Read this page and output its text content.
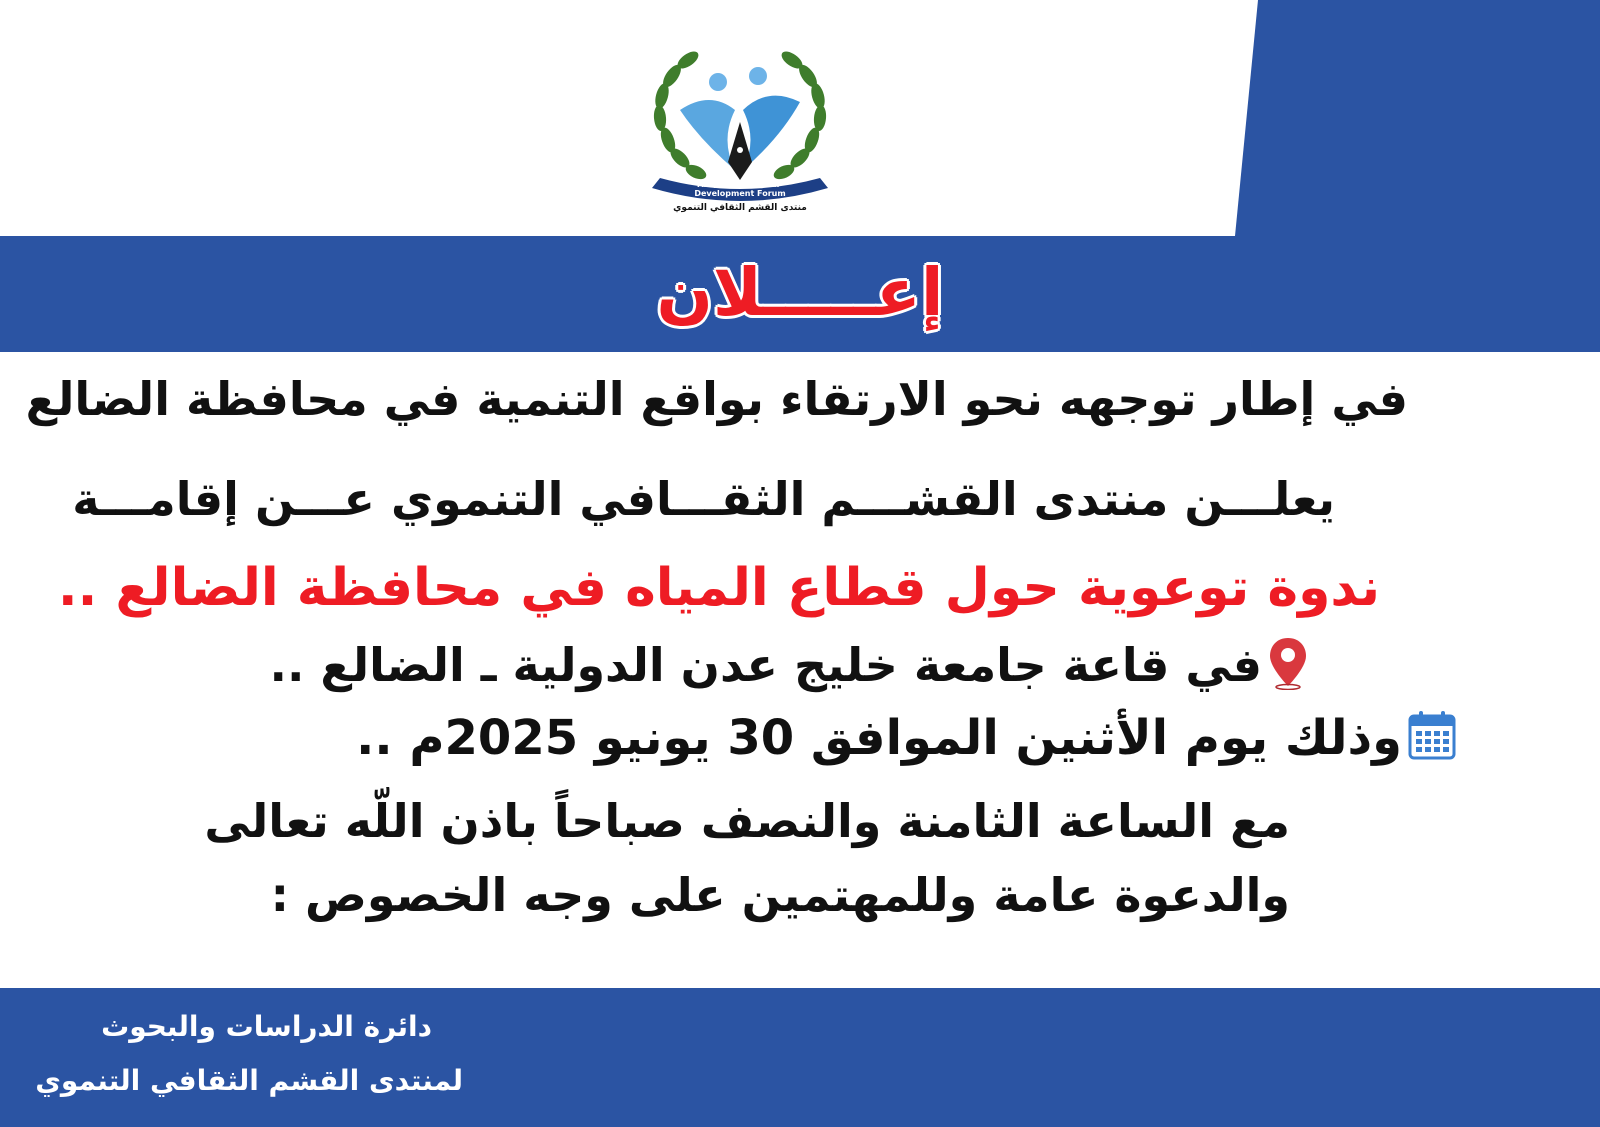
Al-Qashm Cultural-
Development Forum
منتدى القشم الثقافي التنموي
إعـــــلان
في إطار توجهه نحو الارتقاء بواقع التنمية في محافظة الضالع
يعلـــن منتدى القشـــم الثقـــافي التنموي عـــن إقامـــة
ندوة توعوية حول قطاع المياه في محافظة الضالع ..
في قاعة جامعة خليج عدن الدولية ـ الضالع ..
وذلك يوم الأثنين الموافق 30 يونيو 2025م ..
مع الساعة الثامنة والنصف صباحاً باذن اللّه تعالى
والدعوة عامة وللمهتمين على وجه الخصوص :
دائرة الدراسات والبحوث
لمنتدى القشم الثقافي التنموي
